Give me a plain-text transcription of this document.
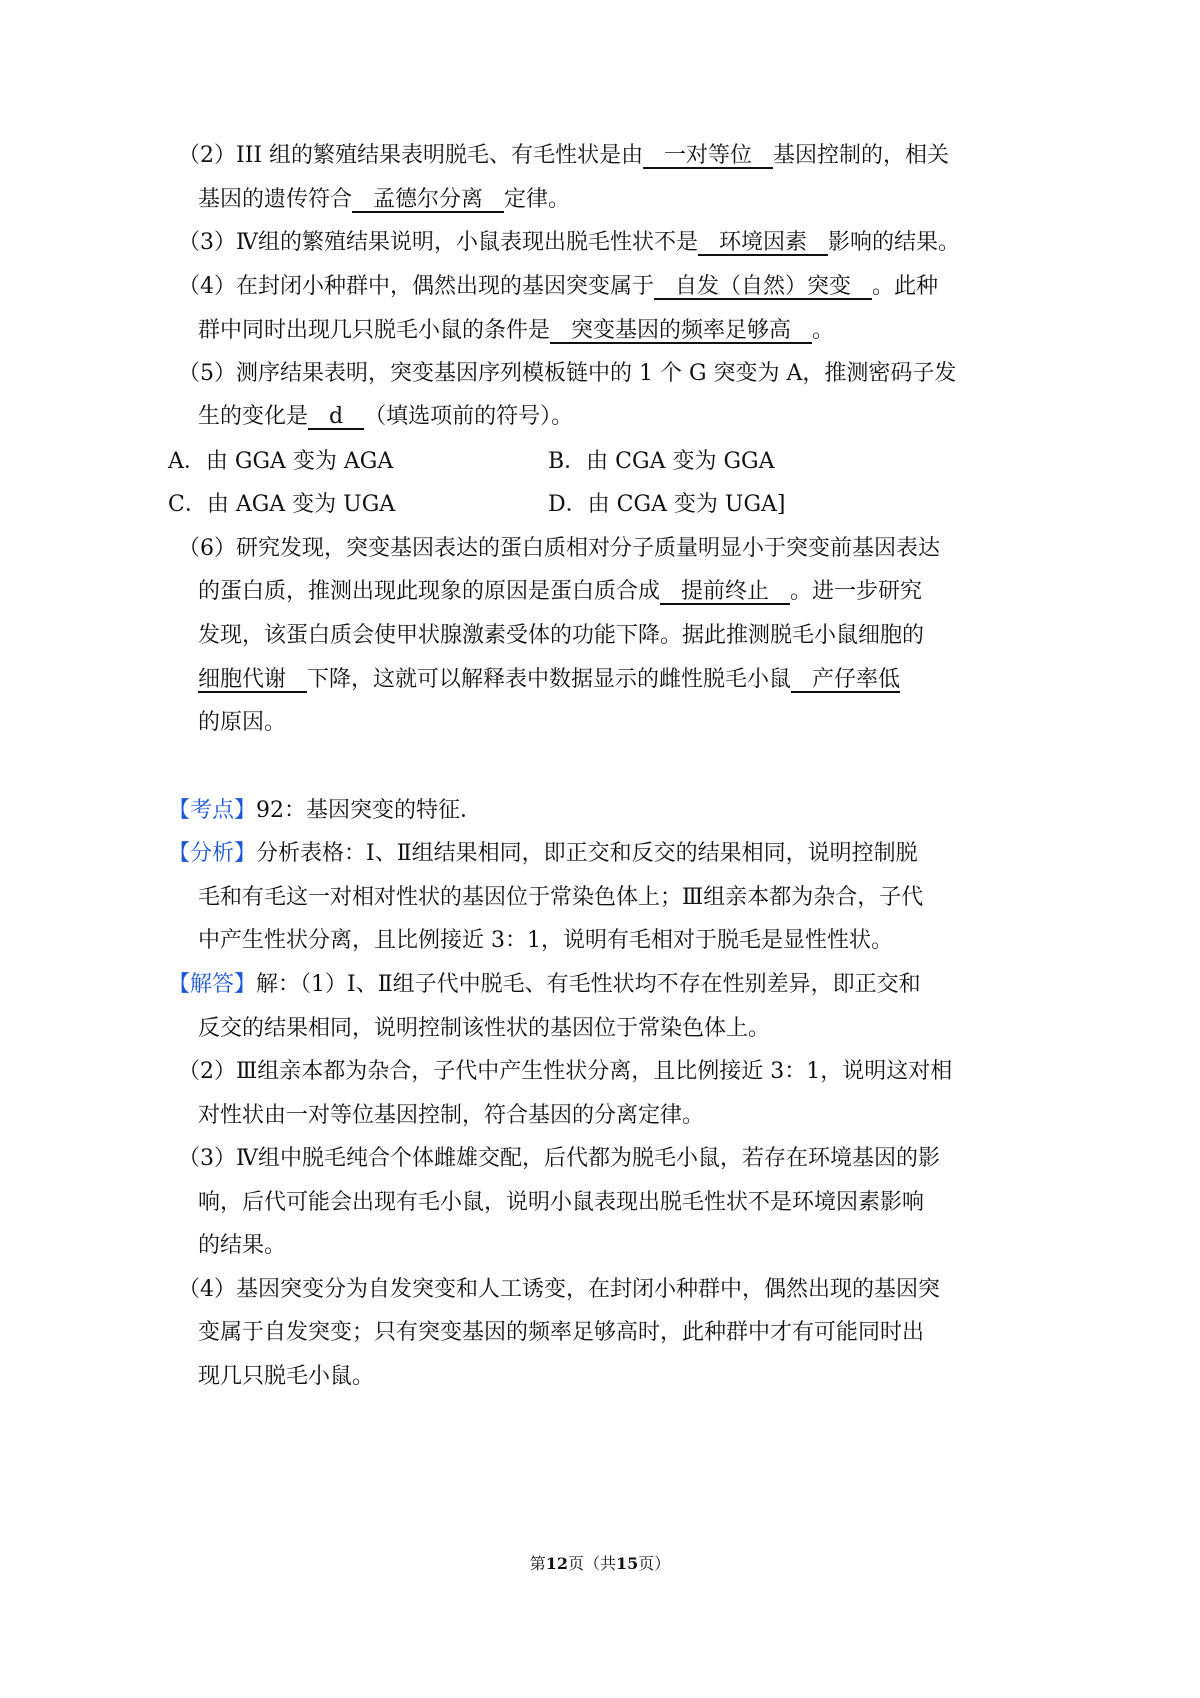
（2）III 组的繁殖结果表明脱毛、有毛性状是由   一对等位   基因控制的，相关
基因的遗传符合   孟德尔分离   定律。
（3）Ⅳ组的繁殖结果说明，小鼠表现出脱毛性状不是   环境因素   影响的结果。
（4）在封闭小种群中，偶然出现的基因突变属于   自发（自然）突变   。此种
群中同时出现几只脱毛小鼠的条件是   突变基因的频率足够高   。
（5）测序结果表明，突变基因序列模板链中的 1 个 G 突变为 A，推测密码子发
生的变化是   d   （填选项前的符号）。
A．由 GGA 变为 AGA	B．由 CGA 变为 GGA
C．由 AGA 变为 UGA	D．由 CGA 变为 UGA]
（6）研究发现，突变基因表达的蛋白质相对分子质量明显小于突变前基因表达
的蛋白质，推测出现此现象的原因是蛋白质合成   提前终止   。进一步研究
发现，该蛋白质会使甲状腺激素受体的功能下降。据此推测脱毛小鼠细胞的
细胞代谢   下降，这就可以解释表中数据显示的雌性脱毛小鼠   产仔率低
的原因。
【考点】92：基因突变的特征．
【分析】分析表格：Ⅰ、Ⅱ组结果相同，即正交和反交的结果相同，说明控制脱
毛和有毛这一对相对性状的基因位于常染色体上；Ⅲ组亲本都为杂合，子代
中产生性状分离，且比例接近 3：1，说明有毛相对于脱毛是显性性状。
【解答】解：（1）Ⅰ、Ⅱ组子代中脱毛、有毛性状均不存在性别差异，即正交和
反交的结果相同，说明控制该性状的基因位于常染色体上。
（2）Ⅲ组亲本都为杂合，子代中产生性状分离，且比例接近 3：1，说明这对相
对性状由一对等位基因控制，符合基因的分离定律。
（3）Ⅳ组中脱毛纯合个体雌雄交配，后代都为脱毛小鼠，若存在环境基因的影
响，后代可能会出现有毛小鼠，说明小鼠表现出脱毛性状不是环境因素影响
的结果。
（4）基因突变分为自发突变和人工诱变，在封闭小种群中，偶然出现的基因突
变属于自发突变；只有突变基因的频率足够高时，此种群中才有可能同时出
现几只脱毛小鼠。
第12页（共15页）
